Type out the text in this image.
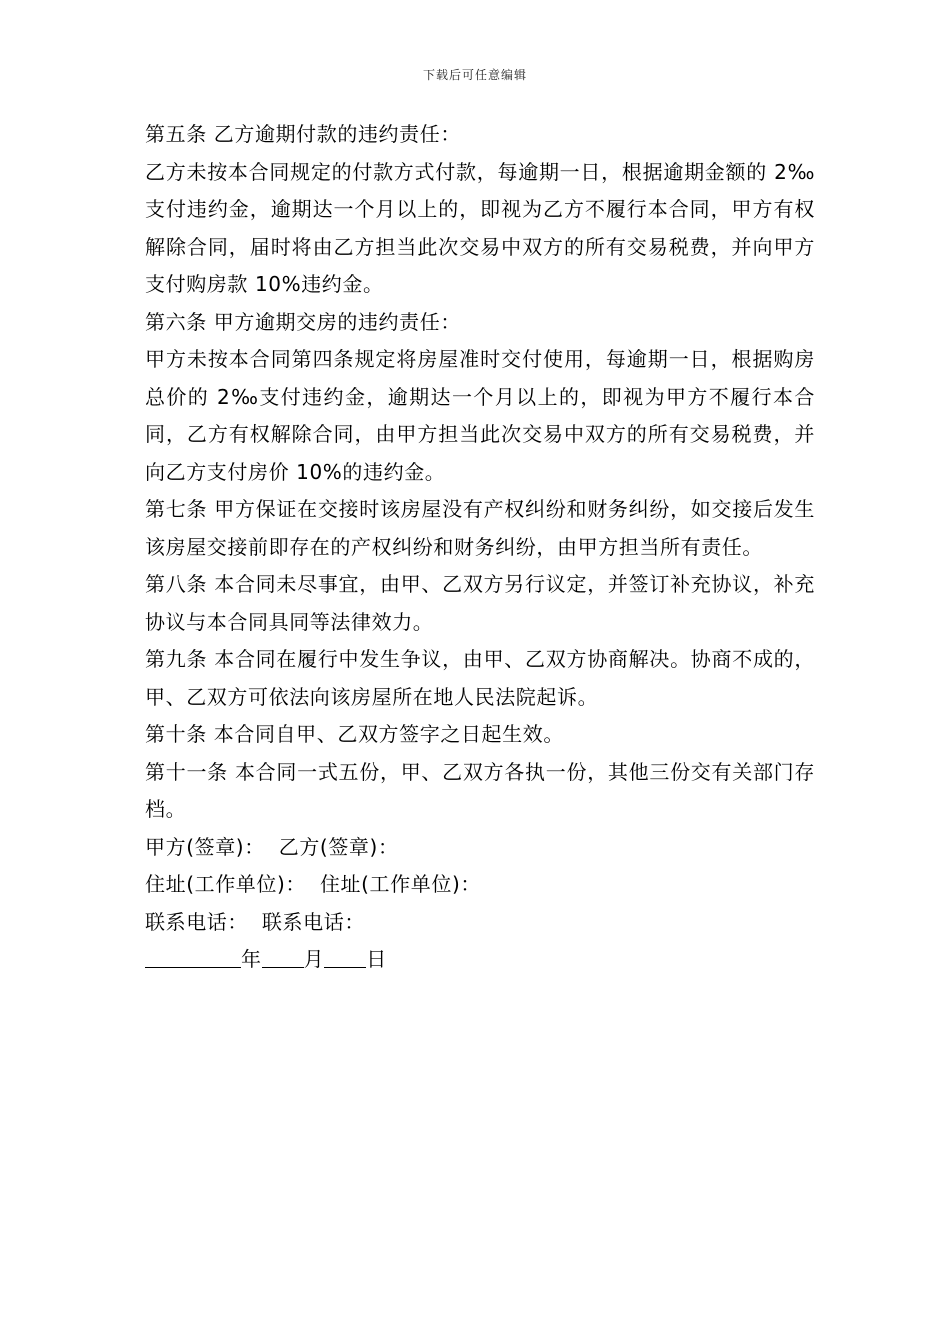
下载后可任意编辑

第五条 乙方逾期付款的违约责任：

乙方未按本合同规定的付款方式付款，每逾期一日，根据逾期金额的 2‰支付违约金，逾期达一个月以上的，即视为乙方不履行本合同，甲方有权解除合同，届时将由乙方担当此次交易中双方的所有交易税费，并向甲方支付购房款 10%违约金。

第六条 甲方逾期交房的违约责任：

甲方未按本合同第四条规定将房屋准时交付使用，每逾期一日，根据购房总价的 2‰支付违约金，逾期达一个月以上的，即视为甲方不履行本合同，乙方有权解除合同，由甲方担当此次交易中双方的所有交易税费，并向乙方支付房价 10%的违约金。

第七条 甲方保证在交接时该房屋没有产权纠纷和财务纠纷，如交接后发生该房屋交接前即存在的产权纠纷和财务纠纷，由甲方担当所有责任。

第八条 本合同未尽事宜，由甲、乙双方另行议定，并签订补充协议，补充协议与本合同具同等法律效力。

第九条 本合同在履行中发生争议，由甲、乙双方协商解决。协商不成的，甲、乙双方可依法向该房屋所在地人民法院起诉。

第十条 本合同自甲、乙双方签字之日起生效。

第十一条 本合同一式五份，甲、乙双方各执一份，其他三份交有关部门存档。

甲方(签章)： 乙方(签章)：

住址(工作单位)： 住址(工作单位)：

联系电话： 联系电话：

年 月 日
